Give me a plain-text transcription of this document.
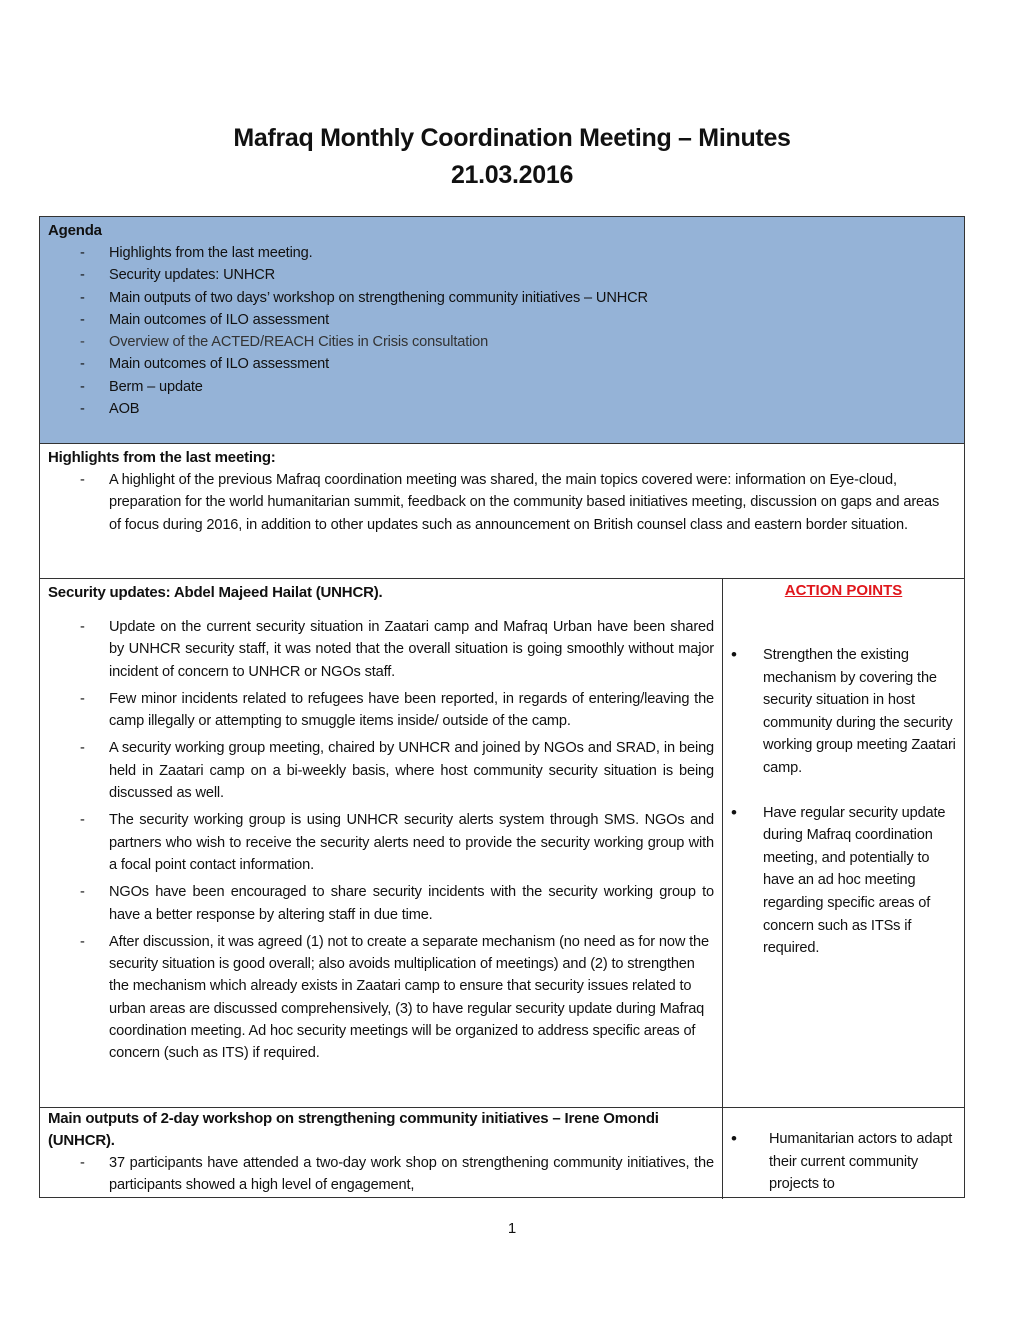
Mafraq Monthly Coordination Meeting – Minutes
21.03.2016
Agenda
- Highlights from the last meeting.
- Security updates: UNHCR
- Main outputs of two days’ workshop on strengthening community initiatives – UNHCR
- Main outcomes of ILO assessment
- Overview of the ACTED/REACH Cities in Crisis consultation
- Main outcomes of ILO assessment
- Berm – update
- AOB
Highlights from the last meeting:
- A highlight of the previous Mafraq coordination meeting was shared, the main topics covered were: information on Eye-cloud, preparation for the world humanitarian summit, feedback on the community based initiatives meeting, discussion on gaps and areas of focus during 2016, in addition to other updates such as announcement on British counsel class and eastern border situation.
Security updates: Abdel Majeed Hailat (UNHCR).
- Update on the current security situation in Zaatari camp and Mafraq Urban have been shared by UNHCR security staff, it was noted that the overall situation is going smoothly without major incident of concern to UNHCR or NGOs staff.
- Few minor incidents related to refugees have been reported, in regards of entering/leaving the camp illegally or attempting to smuggle items inside/ outside of the camp.
- A security working group meeting, chaired by UNHCR and joined by NGOs and SRAD, in being held in Zaatari camp on a bi-weekly basis, where host community security situation is being discussed as well.
- The security working group is using UNHCR security alerts system through SMS. NGOs and partners who wish to receive the security alerts need to provide the security working group with a focal point contact information.
- NGOs have been encouraged to share security incidents with the security working group to have a better response by altering staff in due time.
- After discussion, it was agreed (1) not to create a separate mechanism (no need as for now the security situation is good overall; also avoids multiplication of meetings) and (2) to strengthen the mechanism which already exists in Zaatari camp to ensure that security issues related to urban areas are discussed comprehensively, (3) to have regular security update during Mafraq coordination meeting. Ad hoc security meetings will be organized to address specific areas of concern (such as ITS) if required.
ACTION POINTS
• Strengthen the existing mechanism by covering the security situation in host community during the security working group meeting Zaatari camp.
• Have regular security update during Mafraq coordination meeting, and potentially to have an ad hoc meeting regarding specific areas of concern such as ITSs if required.
Main outputs of 2-day workshop on strengthening community initiatives – Irene Omondi (UNHCR).
- 37 participants have attended a two-day work shop on strengthening community initiatives, the participants showed a high level of engagement,
• Humanitarian actors to adapt their current community projects to
1
